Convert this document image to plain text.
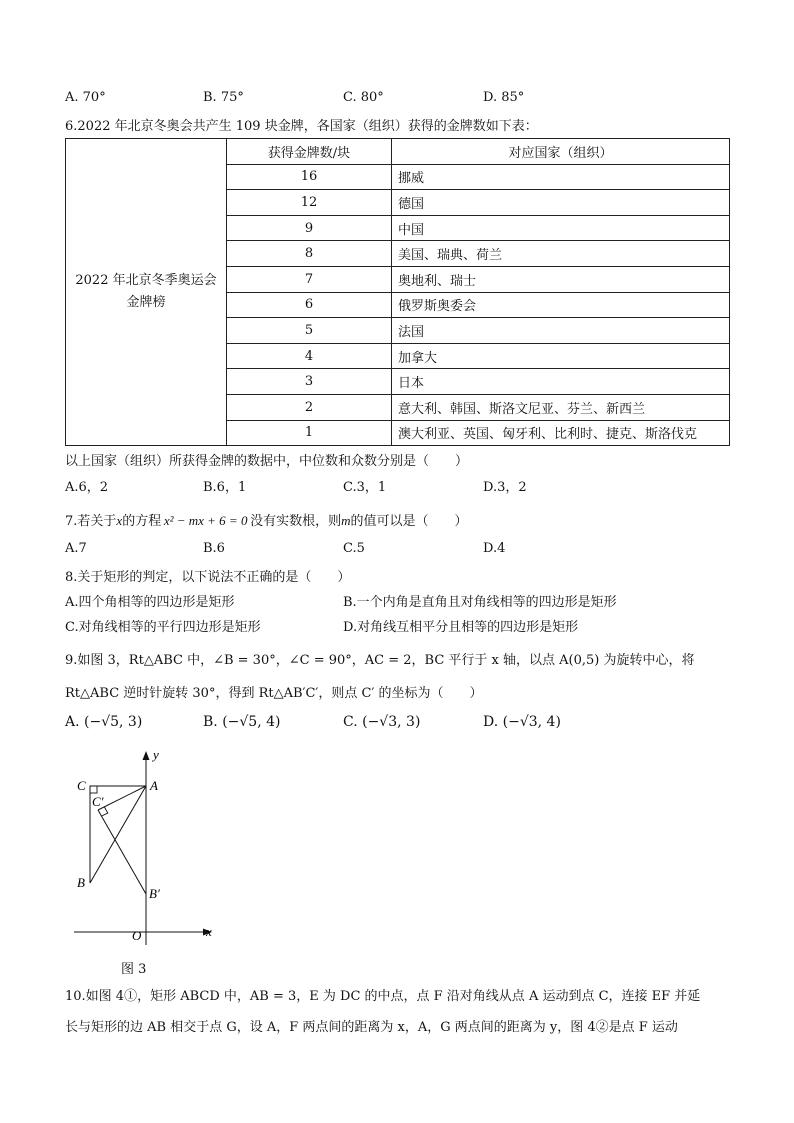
A. 70°	B. 75°	C. 80°	D. 85°
6.2022 年北京冬奥会共产生 109 块金牌，各国家（组织）获得的金牌数如下表：
2022 年北京冬季奥运会
金牌榜	获得金牌数/块	对应国家（组织）
	16	挪威
	12	德国
	9	中国
	8	美国、瑞典、荷兰
	7	奥地利、瑞士
	6	俄罗斯奥委会
	5	法国
	4	加拿大
	3	日本
	2	意大利、韩国、斯洛文尼亚、芬兰、新西兰
	1	澳大利亚、英国、匈牙利、比利时、捷克、斯洛伐克
以上国家（组织）所获得金牌的数据中，中位数和众数分别是（　　）
A.6，2	B.6，1	C.3，1	D.3，2
7.若关于x的方程  x² − mx + 6 = 0  没有实数根，则m的值可以是（　　）
A.7	B.6	C.5	D.4
8.关于矩形的判定，以下说法不正确的是（　　）
A.四个角相等的四边形是矩形	B.一个内角是直角且对角线相等的四边形是矩形
C.对角线相等的平行四边形是矩形	D.对角线互相平分且相等的四边形是矩形
9.如图 3，Rt△ABC 中，∠B = 30°，∠C = 90°，AC = 2，BC 平行于 x 轴，以点 A(0,5) 为旋转中心，将
Rt△ABC 逆时针旋转 30°，得到 Rt△AB′C′，则点 C′ 的坐标为（　　）
A. (−√5, 3)	B. (−√5, 4)	C. (−√3, 3)	D. (−√3, 4)
y
x
O
A
C
B
B′
C′
图 3
10.如图 4①，矩形 ABCD 中，AB = 3，E 为 DC 的中点，点 F 沿对角线从点 A 运动到点 C，连接 EF 并延
长与矩形的边 AB 相交于点 G，设 A，F 两点间的距离为 x，A，G 两点间的距离为 y，图 4②是点 F 运动
